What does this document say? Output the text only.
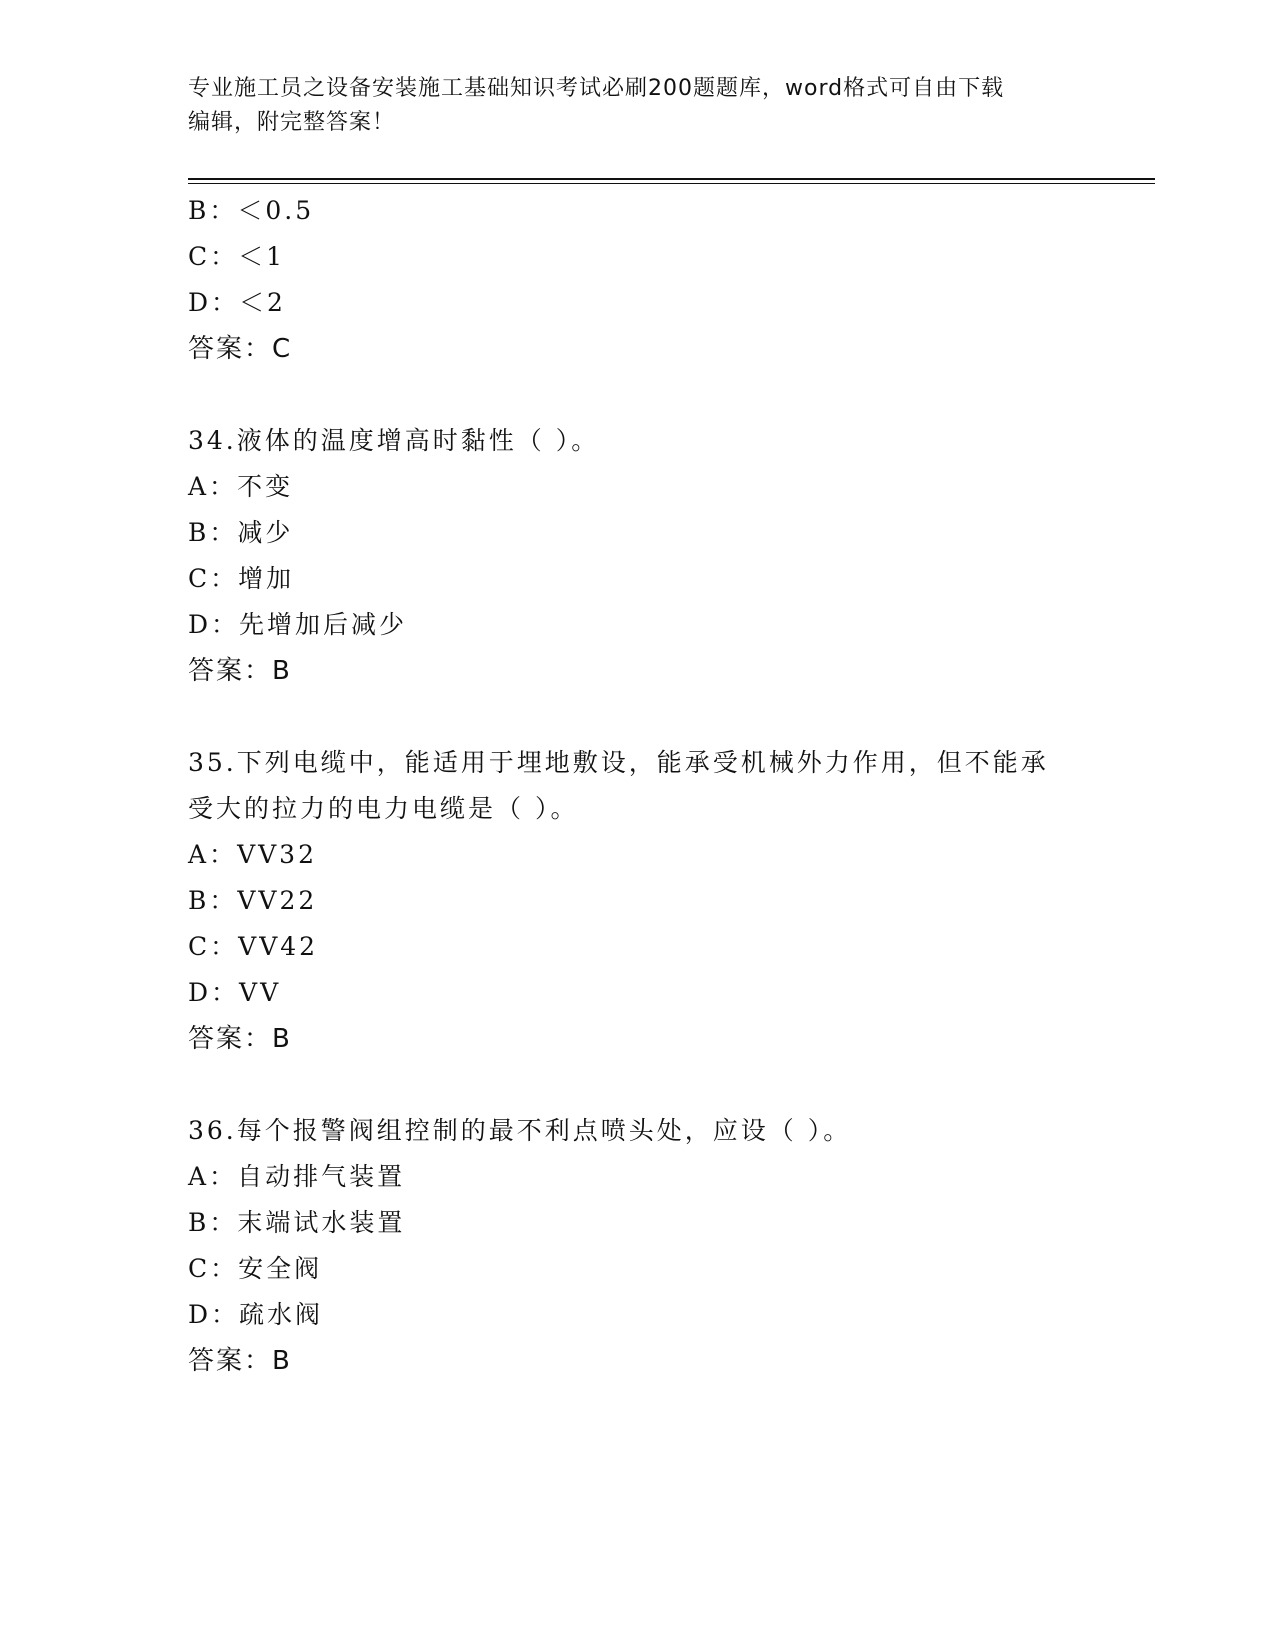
专业施工员之设备安装施工基础知识考试必刷200题题库，word格式可自由下载
编辑，附完整答案！
B：＜0.5
C：＜1
D：＜2
答案：C
34.液体的温度增高时黏性（ ）。
A：不变
B：减少
C：增加
D：先增加后减少
答案：B
35.下列电缆中，能适用于埋地敷设，能承受机械外力作用，但不能承
受大的拉力的电力电缆是（ ）。
A：VV32
B：VV22
C：VV42
D：VV
答案：B
36.每个报警阀组控制的最不利点喷头处，应设（ ）。
A：自动排气装置
B：末端试水装置
C：安全阀
D：疏水阀
答案：B
